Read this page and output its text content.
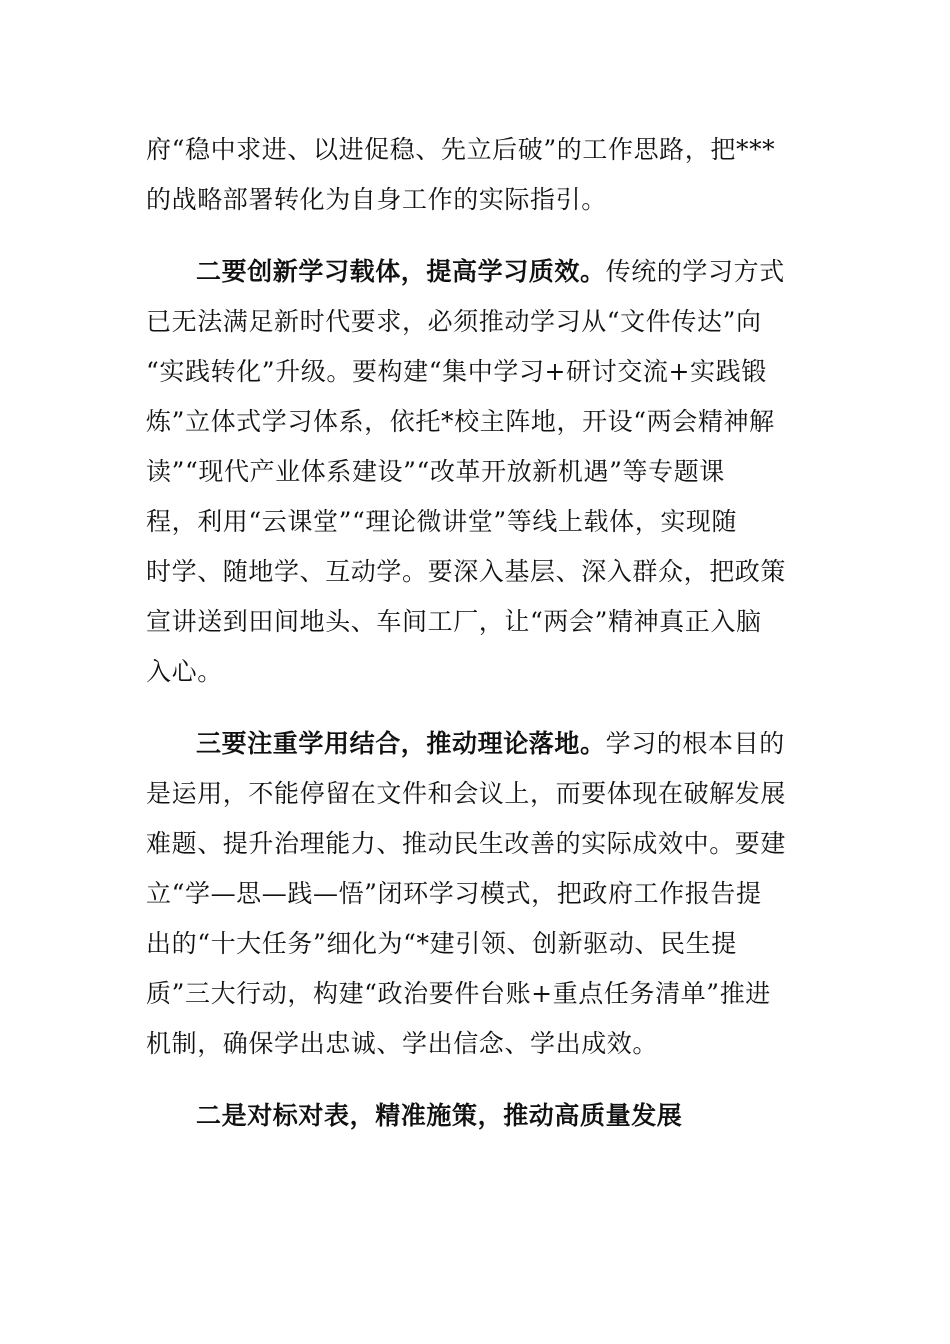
府“稳中求进、以进促稳、先立后破”的工作思路，把***

的战略部署转化为自身工作的实际指引。

二要创新学习载体，提高学习质效。传统的学习方式

已无法满足新时代要求，必须推动学习从“文件传达”向

“实践转化”升级。要构建“集中学习+研讨交流+实践锻

炼”立体式学习体系，依托*校主阵地，开设“两会精神解

读”“现代产业体系建设”“改革开放新机遇”等专题课

程，利用“云课堂”“理论微讲堂”等线上载体，实现随

时学、随地学、互动学。要深入基层、深入群众，把政策

宣讲送到田间地头、车间工厂，让“两会”精神真正入脑

入心。

三要注重学用结合，推动理论落地。学习的根本目的

是运用，不能停留在文件和会议上，而要体现在破解发展

难题、提升治理能力、推动民生改善的实际成效中。要建

立“学—思—践—悟”闭环学习模式，把政府工作报告提

出的“十大任务”细化为“*建引领、创新驱动、民生提

质”三大行动，构建“政治要件台账+重点任务清单”推进

机制，确保学出忠诚、学出信念、学出成效。

二是对标对表，精准施策，推动高质量发展
